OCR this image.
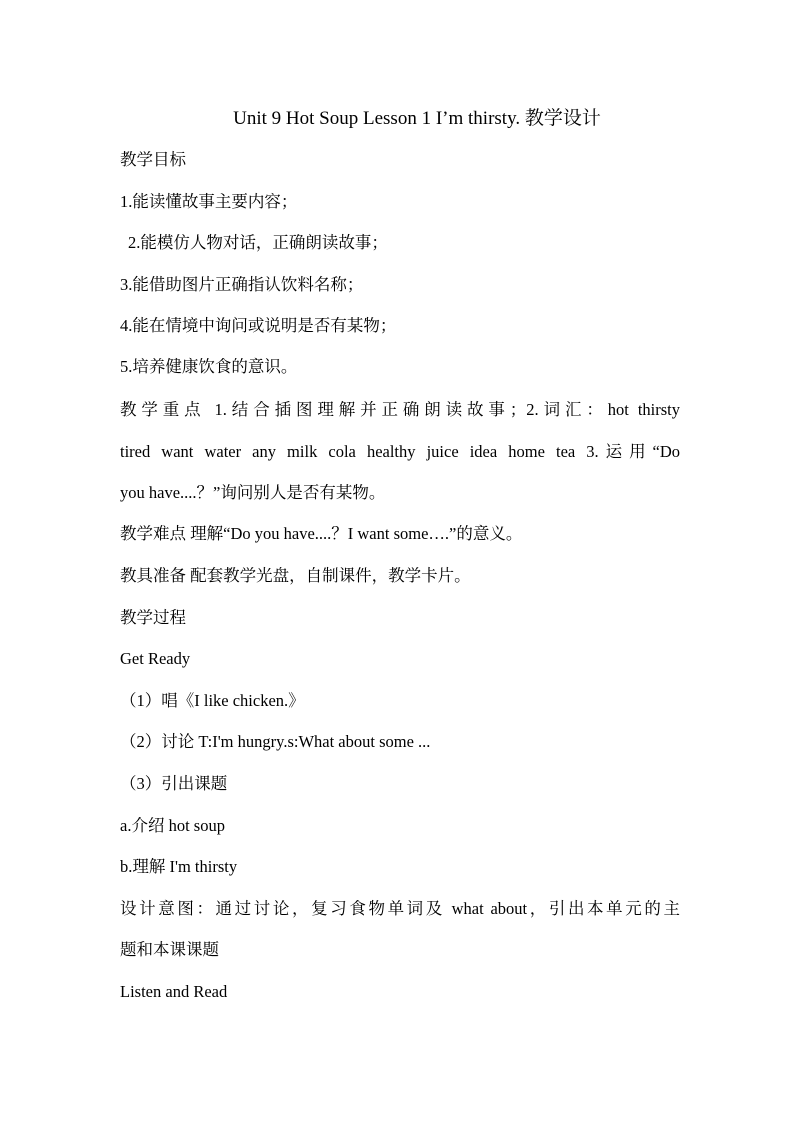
Unit 9 Hot Soup Lesson 1 I’m thirsty. 教学设计
教学目标
1.能读懂故事主要内容；
2.能模仿人物对话，正确朗读故事；
3.能借助图片正确指认饮料名称；
4.能在情境中询问或说明是否有某物；
5.培养健康饮食的意识。
教学重点 1.结合插图理解并正确朗读故事；2.词汇：hot thirsty
tired want water any milk cola healthy juice idea home tea 3.运用“Do
you have....？”询问别人是否有某物。
教学难点 理解“Do you have....？I want some….”的意义。
教具准备 配套教学光盘，自制课件，教学卡片。
教学过程
Get Ready
（1）唱《I like chicken.》
（2）讨论 T:I'm hungry.s:What about some ...
（3）引出课题
a.介绍 hot soup
b.理解 I'm thirsty
设计意图：通过讨论，复习食物单词及 what about，引出本单元的主
题和本课课题
Listen and Read
